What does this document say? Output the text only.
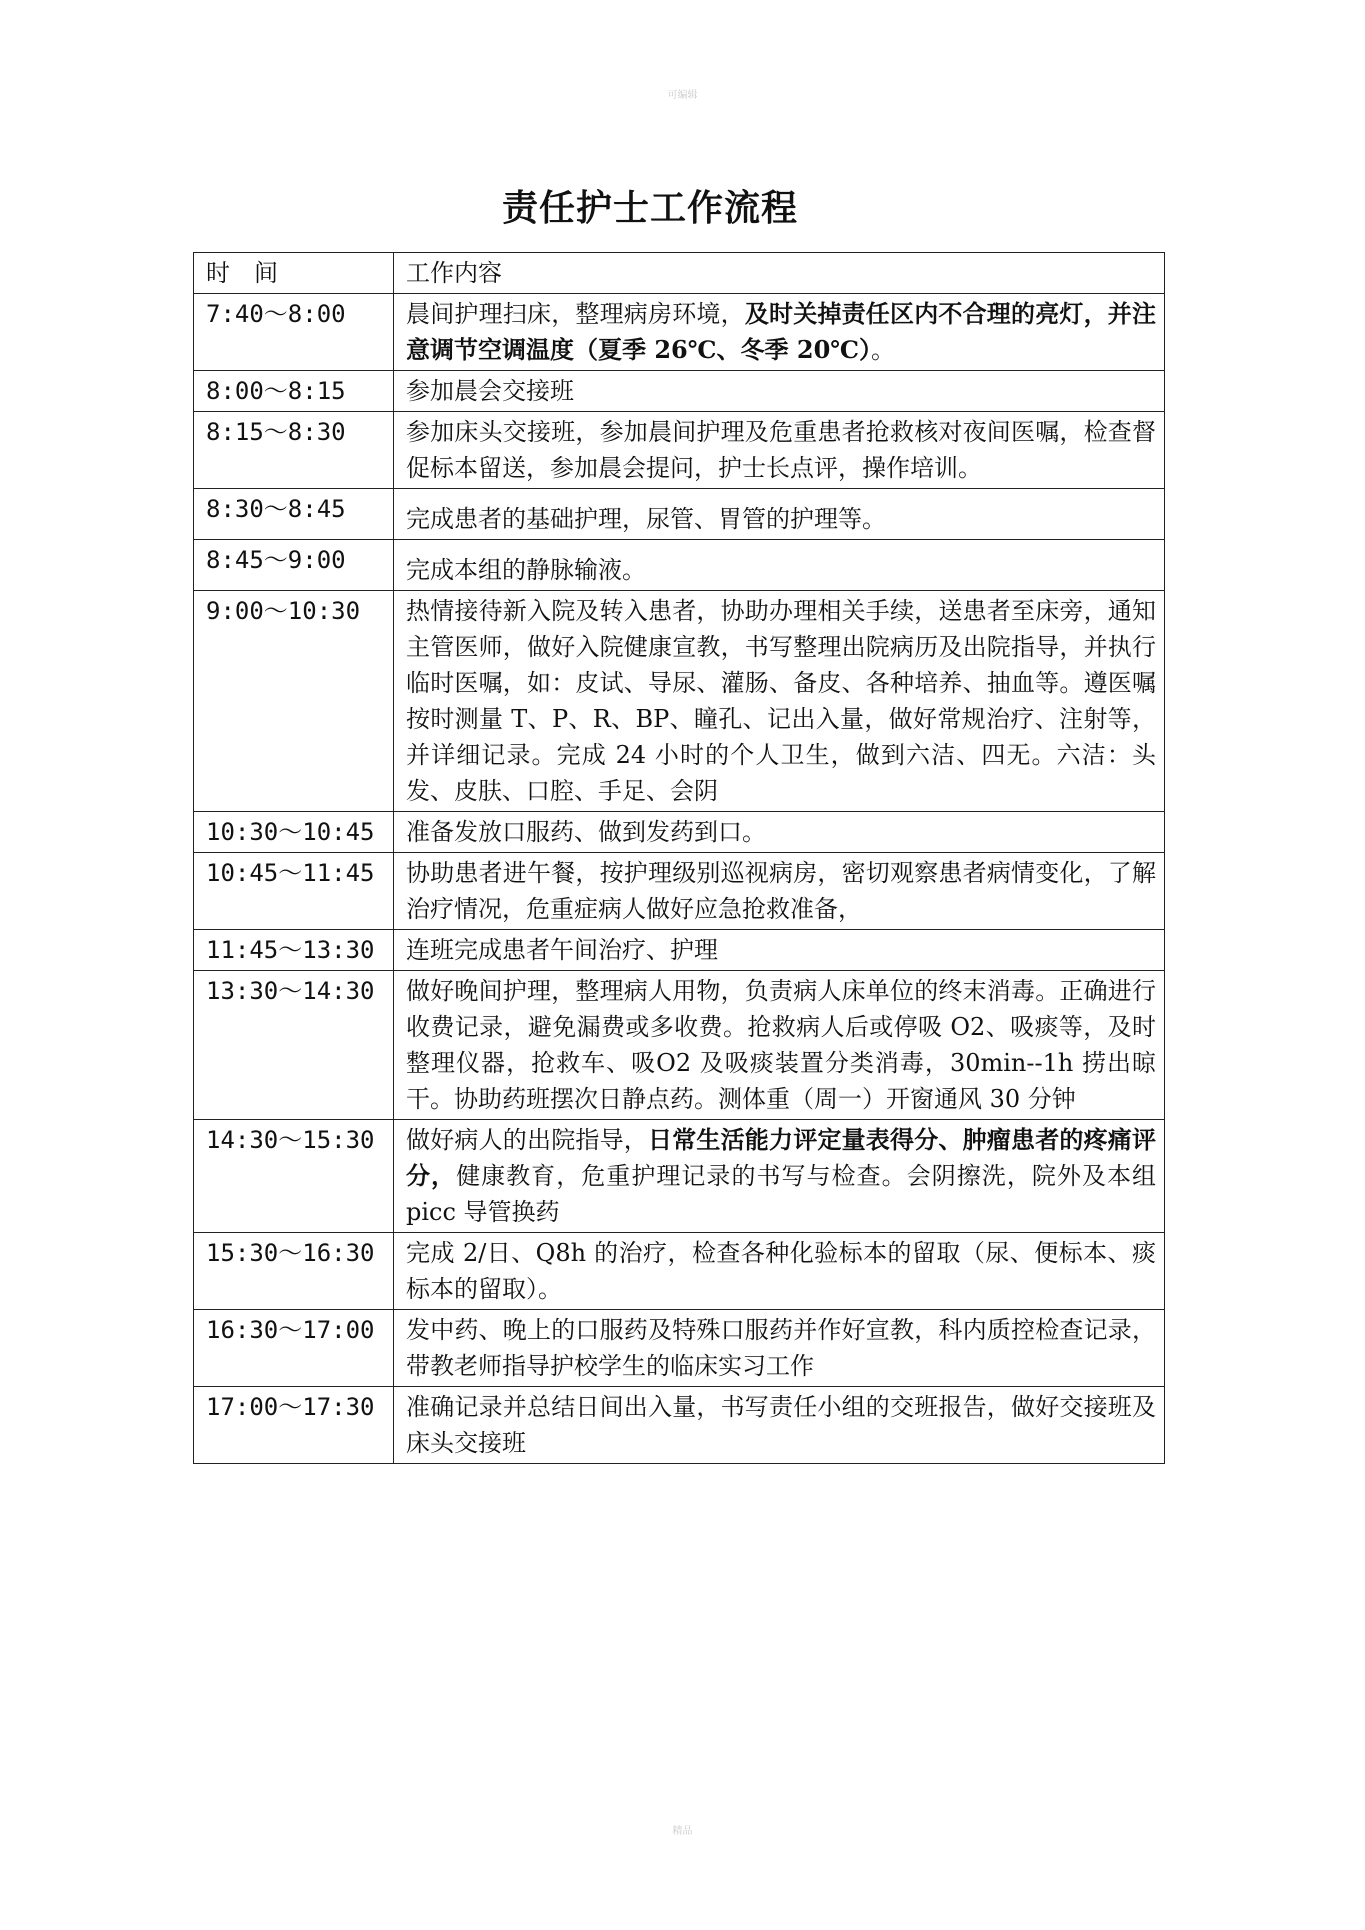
可编辑
责任护士工作流程
时　间	工作内容
7:40～8:00	晨间护理扫床，整理病房环境，及时关掉责任区内不合理的亮灯，并注意调节空调温度（夏季 26℃、冬季 20℃）。
8:00～8:15	参加晨会交接班
8:15～8:30	参加床头交接班，参加晨间护理及危重患者抢救核对夜间医嘱，检查督促标本留送，参加晨会提问，护士长点评，操作培训。
8:30～8:45	完成患者的基础护理，尿管、胃管的护理等。
8:45～9:00	完成本组的静脉输液。
9:00～10:30	热情接待新入院及转入患者，协助办理相关手续，送患者至床旁，通知主管医师，做好入院健康宣教，书写整理出院病历及出院指导，并执行临时医嘱，如：皮试、导尿、灌肠、备皮、各种培养、抽血等。遵医嘱按时测量 T、P、R、BP、瞳孔、记出入量，做好常规治疗、注射等，并详细记录。完成 24 小时的个人卫生，做到六洁、四无。六洁：头发、皮肤、口腔、手足、会阴
10:30～10:45	准备发放口服药、做到发药到口。
10:45～11:45	协助患者进午餐，按护理级别巡视病房，密切观察患者病情变化，了解治疗情况，危重症病人做好应急抢救准备，
11:45～13:30	连班完成患者午间治疗、护理
13:30～14:30	做好晚间护理，整理病人用物，负责病人床单位的终末消毒。正确进行收费记录，避免漏费或多收费。抢救病人后或停吸 O2、吸痰等，及时整理仪器，抢救车、吸O2 及吸痰装置分类消毒，30min--1h 捞出晾干。协助药班摆次日静点药。测体重（周一）开窗通风 30 分钟
14:30～15:30	做好病人的出院指导，日常生活能力评定量表得分、肿瘤患者的疼痛评分，健康教育，危重护理记录的书写与检查。会阴擦洗，院外及本组 picc 导管换药
15:30～16:30	完成 2/日、Q8h 的治疗，检查各种化验标本的留取（尿、便标本、痰标本的留取）。
16:30～17:00	发中药、晚上的口服药及特殊口服药并作好宣教，科内质控检查记录，带教老师指导护校学生的临床实习工作
17:00～17:30	准确记录并总结日间出入量，书写责任小组的交班报告，做好交接班及床头交接班
精品
